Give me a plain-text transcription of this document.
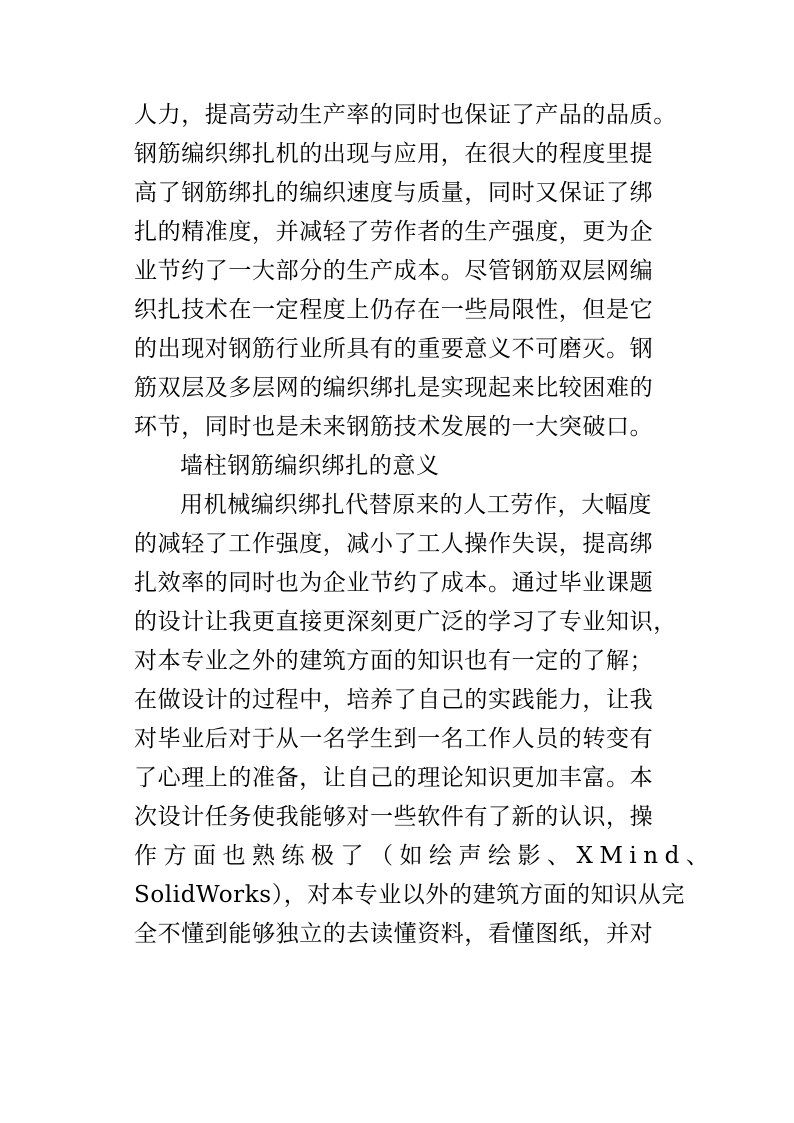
人力，提高劳动生产率的同时也保证了产品的品质。
钢筋编织绑扎机的出现与应用，在很大的程度里提
高了钢筋绑扎的编织速度与质量，同时又保证了绑
扎的精准度，并减轻了劳作者的生产强度，更为企
业节约了一大部分的生产成本。尽管钢筋双层网编
织扎技术在一定程度上仍存在一些局限性，但是它
的出现对钢筋行业所具有的重要意义不可磨灭。钢
筋双层及多层网的编织绑扎是实现起来比较困难的
环节，同时也是未来钢筋技术发展的一大突破口。
墙柱钢筋编织绑扎的意义
用机械编织绑扎代替原来的人工劳作，大幅度
的减轻了工作强度，减小了工人操作失误，提高绑
扎效率的同时也为企业节约了成本。通过毕业课题
的设计让我更直接更深刻更广泛的学习了专业知识，
对本专业之外的建筑方面的知识也有一定的了解；
在做设计的过程中，培养了自己的实践能力，让我
对毕业后对于从一名学生到一名工作人员的转变有
了心理上的准备，让自己的理论知识更加丰富。本
次设计任务使我能够对一些软件有了新的认识，操
作方面也熟练极了（如绘声绘影、XMind、
SolidWorks），对本专业以外的建筑方面的知识从完
全不懂到能够独立的去读懂资料，看懂图纸，并对
